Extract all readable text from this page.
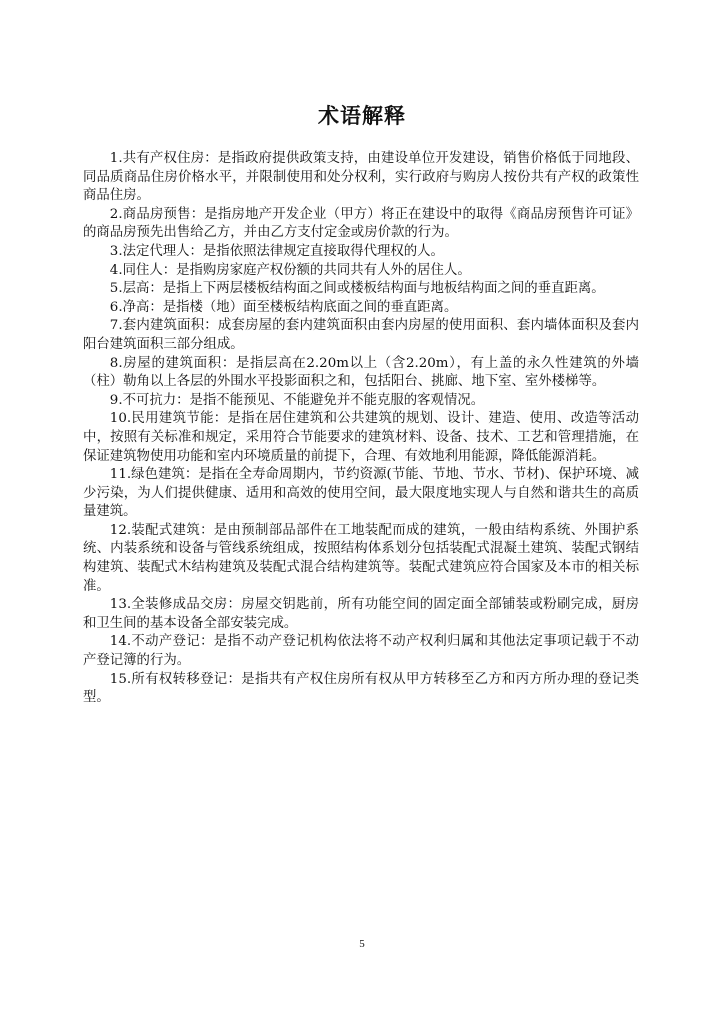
术语解释

1.共有产权住房：是指政府提供政策支持，由建设单位开发建设，销售价格低于同地段、同品质商品住房价格水平，并限制使用和处分权利，实行政府与购房人按份共有产权的政策性商品住房。

2.商品房预售：是指房地产开发企业（甲方）将正在建设中的取得《商品房预售许可证》的商品房预先出售给乙方，并由乙方支付定金或房价款的行为。

3.法定代理人：是指依照法律规定直接取得代理权的人。

4.同住人：是指购房家庭产权份额的共同共有人外的居住人。

5.层高：是指上下两层楼板结构面之间或楼板结构面与地板结构面之间的垂直距离。

6.净高：是指楼（地）面至楼板结构底面之间的垂直距离。

7.套内建筑面积：成套房屋的套内建筑面积由套内房屋的使用面积、套内墙体面积及套内阳台建筑面积三部分组成。

8.房屋的建筑面积：是指层高在2.20m以上（含2.20m），有上盖的永久性建筑的外墙（柱）勒角以上各层的外围水平投影面积之和，包括阳台、挑廊、地下室、室外楼梯等。

9.不可抗力：是指不能预见、不能避免并不能克服的客观情况。

10.民用建筑节能：是指在居住建筑和公共建筑的规划、设计、建造、使用、改造等活动中，按照有关标准和规定，采用符合节能要求的建筑材料、设备、技术、工艺和管理措施，在保证建筑物使用功能和室内环境质量的前提下，合理、有效地利用能源，降低能源消耗。

11.绿色建筑：是指在全寿命周期内，节约资源(节能、节地、节水、节材)、保护环境、减少污染，为人们提供健康、适用和高效的使用空间，最大限度地实现人与自然和谐共生的高质量建筑。

12.装配式建筑：是由预制部品部件在工地装配而成的建筑，一般由结构系统、外围护系统、内装系统和设备与管线系统组成，按照结构体系划分包括装配式混凝土建筑、装配式钢结构建筑、装配式木结构建筑及装配式混合结构建筑等。装配式建筑应符合国家及本市的相关标准。

13.全装修成品交房：房屋交钥匙前，所有功能空间的固定面全部铺装或粉刷完成，厨房和卫生间的基本设备全部安装完成。

14.不动产登记：是指不动产登记机构依法将不动产权利归属和其他法定事项记载于不动产登记簿的行为。

15.所有权转移登记：是指共有产权住房所有权从甲方转移至乙方和丙方所办理的登记类型。

5
